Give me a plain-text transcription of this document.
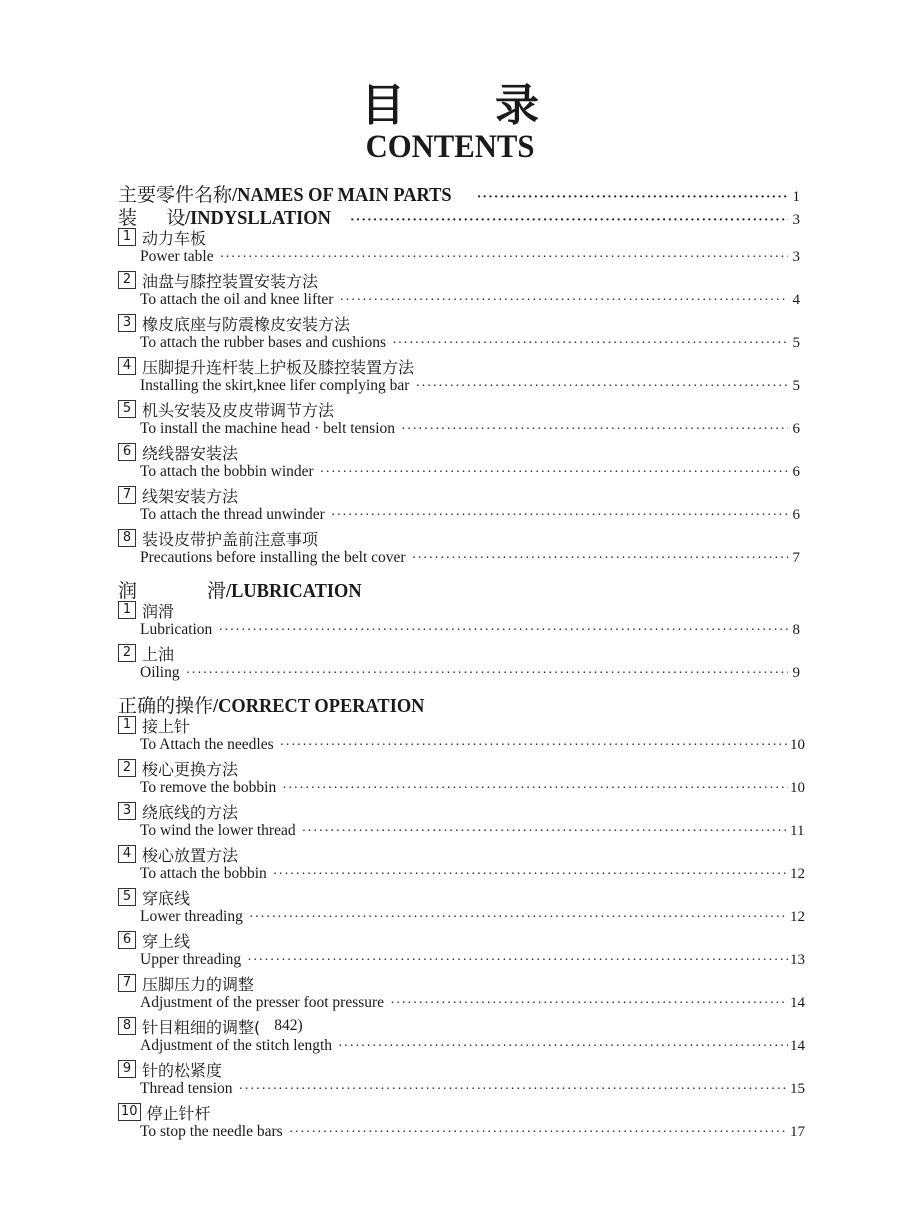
目 录
CONTENTS
主要零件名称 /NAMES OF MAIN PARTS ·····	1
装 设 /INDYSLLATION ·····	3
1 动力车板
Power table ·····	3
2 油盘与膝控装置安装方法
To attach the oil and knee lifter ·····	4
3 橡皮底座与防震橡皮安装方法
To attach the rubber bases and cushions ·····	5
4 压脚提升连杆装上护板及膝控装置方法
Installing the skirt,knee lifer complying bar ·····	5
5 机头安装及皮皮带调节方法
To install the machine head · belt tension ·····	6
6 绕线器安装法
To attach the bobbin winder ·····	6
7 线架安装方法
To attach the thread unwinder ·····	6
8 装设皮带护盖前注意事项
Precautions before installing the belt cover ·····	7
润	滑 /LUBRICATION
1 润滑
Lubrication ·····	8
2 上油
Oiling ·····	9
正确的操作 /CORRECT OPERATION
1 接上针
To Attach the needles ·····	10
2 梭心更换方法
To remove the bobbin ·····	10
3 绕底线的方法
To wind the lower thread ·····	11
4 梭心放置方法
To attach the bobbin ·····	12
5 穿底线
Lower threading ·····	12
6 穿上线
Upper threading ·····	13
7 压脚压力的调整
Adjustment of the presser foot pressure ·····	14
8 针目粗细的调整( 842)
Adjustment of the stitch length ·····	14
9 针的松紧度
Thread tension ·····	15
10 停止针杆
To stop the needle bars ·····	17
